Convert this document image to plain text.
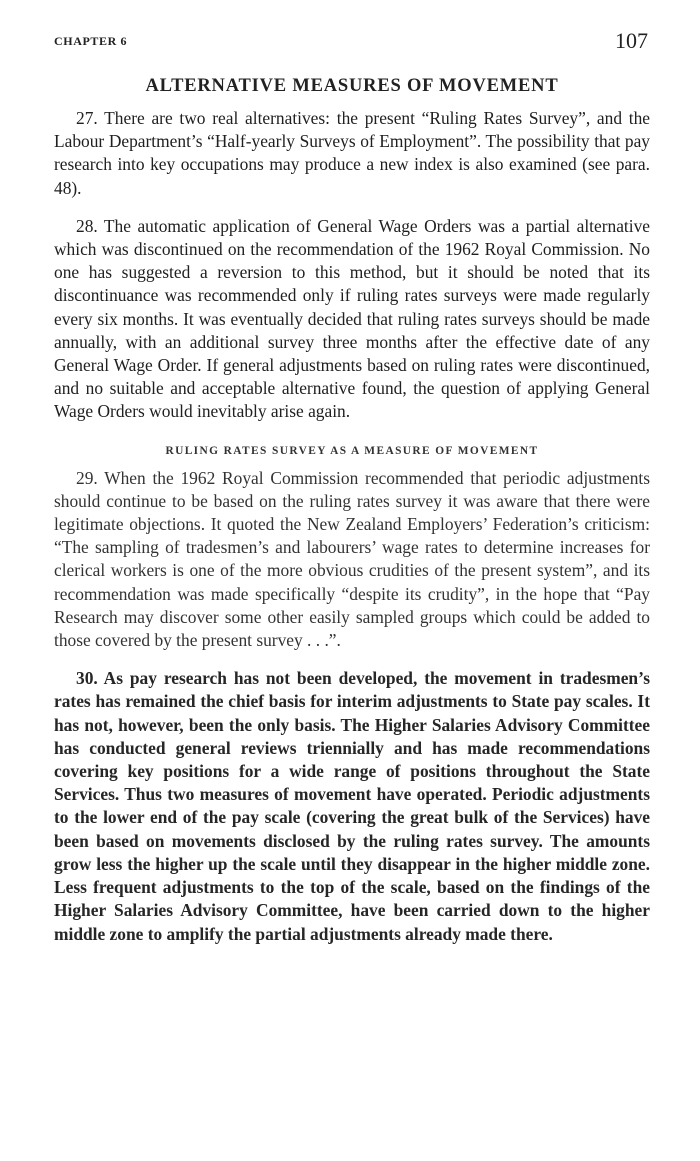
CHAPTER 6	107
ALTERNATIVE MEASURES OF MOVEMENT

27. There are two real alternatives: the present “Ruling Rates Survey”, and the Labour Department’s “Half-yearly Surveys of Employment”. The possibility that pay research into key occupations may produce a new index is also examined (see para. 48).

28. The automatic application of General Wage Orders was a partial alternative which was discontinued on the recommendation of the 1962 Royal Commission. No one has suggested a reversion to this method, but it should be noted that its discontinuance was recommended only if ruling rates surveys were made regularly every six months. It was eventually decided that ruling rates surveys should be made annually, with an additional survey three months after the effective date of any General Wage Order. If general adjustments based on ruling rates were discontinued, and no suitable and acceptable alternative found, the question of applying General Wage Orders would inevitably arise again.

RULING RATES SURVEY AS A MEASURE OF MOVEMENT

29. When the 1962 Royal Commission recommended that periodic adjustments should continue to be based on the ruling rates survey it was aware that there were legitimate objections. It quoted the New Zealand Employers’ Federation’s criticism: “The sampling of tradesmen’s and labourers’ wage rates to determine increases for clerical workers is one of the more obvious crudities of the present system”, and its recommendation was made specifically “despite its crudity”, in the hope that “Pay Research may discover some other easily sampled groups which could be added to those covered by the present survey . . .”.

30. As pay research has not been developed, the movement in tradesmen’s rates has remained the chief basis for interim adjustments to State pay scales. It has not, however, been the only basis. The Higher Salaries Advisory Committee has conducted general reviews triennially and has made recommendations covering key positions for a wide range of positions throughout the State Services. Thus two measures of movement have operated. Periodic adjustments to the lower end of the pay scale (covering the great bulk of the Services) have been based on movements disclosed by the ruling rates survey. The amounts grow less the higher up the scale until they disappear in the higher middle zone. Less frequent adjustments to the top of the scale, based on the findings of the Higher Salaries Advisory Committee, have been carried down to the higher middle zone to amplify the partial adjustments already made there.
